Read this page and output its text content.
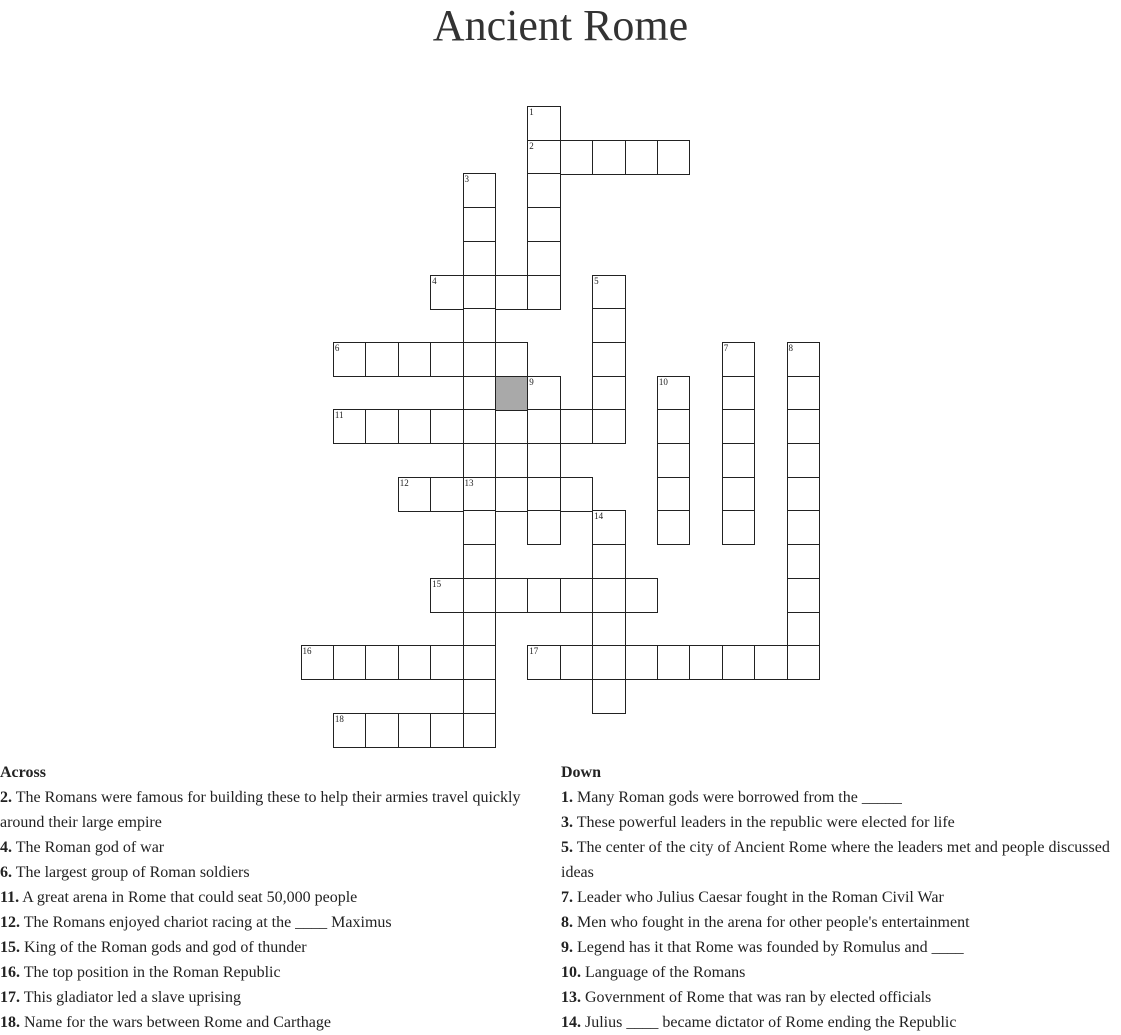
Ancient Rome
1
2
3
4	5
6	7	8
9	10
11
12	13
14
15
16	17
18
Across
2. The Romans were famous for building these to help their armies travel quickly around their large empire
4. The Roman god of war
6. The largest group of Roman soldiers
11. A great arena in Rome that could seat 50,000 people
12. The Romans enjoyed chariot racing at the ____ Maximus
15. King of the Roman gods and god of thunder
16. The top position in the Roman Republic
17. This gladiator led a slave uprising
18. Name for the wars between Rome and Carthage
Down
1. Many Roman gods were borrowed from the _____
3. These powerful leaders in the republic were elected for life
5. The center of the city of Ancient Rome where the leaders met and people discussed ideas
7. Leader who Julius Caesar fought in the Roman Civil War
8. Men who fought in the arena for other people's entertainment
9. Legend has it that Rome was founded by Romulus and ____
10. Language of the Romans
13. Government of Rome that was ran by elected officials
14. Julius ____ became dictator of Rome ending the Republic
